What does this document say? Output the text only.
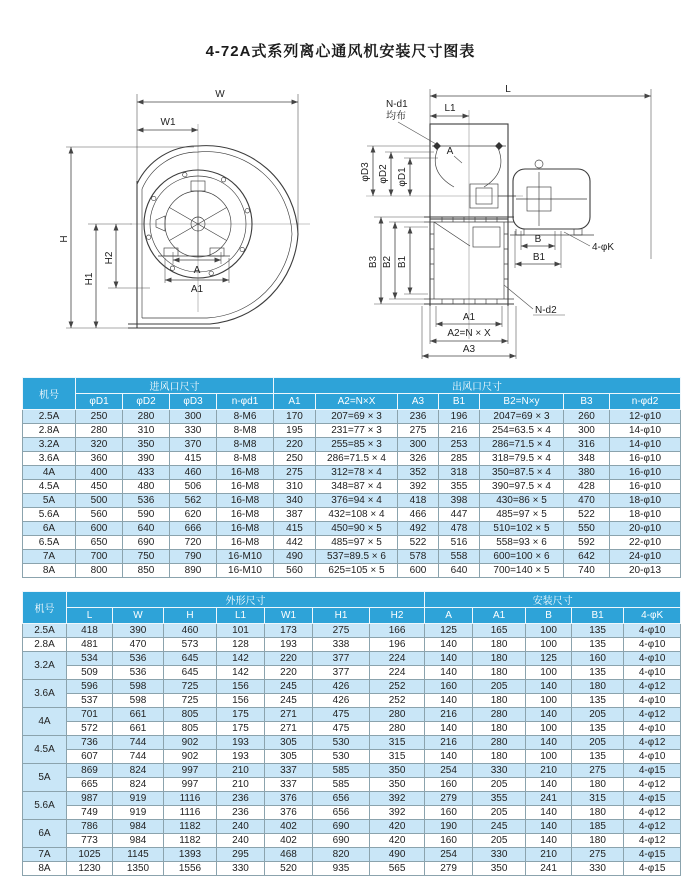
4-72A式系列离心通风机安装尺寸图表
W
W1
H
H1
H2
A
A1
L
L1
N-d1
均布
A
B
B1
4-φK
φD3 φD2 φD1
B3 B2 B1
N-d2
A1
A2=N × X
A3
机号	进风口尺寸				出风口尺寸						
	φD1	φD2	φD3	n-φd1	A1	A2=N×X	A3	B1	B2=N×y	B3	n-φd2
2.5A	250	280	300	8-M6	170	207=69 × 3	236	196	2047=69 × 3	260	12-φ10
2.8A	280	310	330	8-M8	195	231=77 × 3	275	216	254=63.5 × 4	300	14-φ10
3.2A	320	350	370	8-M8	220	255=85 × 3	300	253	286=71.5 × 4	316	14-φ10
3.6A	360	390	415	8-M8	250	286=71.5 × 4	326	285	318=79.5 × 4	348	16-φ10
4A	400	433	460	16-M8	275	312=78 × 4	352	318	350=87.5 × 4	380	16-φ10
4.5A	450	480	506	16-M8	310	348=87 × 4	392	355	390=97.5 × 4	428	16-φ10
5A	500	536	562	16-M8	340	376=94 × 4	418	398	430=86 × 5	470	18-φ10
5.6A	560	590	620	16-M8	387	432=108 × 4	466	447	485=97 × 5	522	18-φ10
6A	600	640	666	16-M8	415	450=90 × 5	492	478	510=102 × 5	550	20-φ10
6.5A	650	690	720	16-M8	442	485=97 × 5	522	516	558=93 × 6	592	22-φ10
7A	700	750	790	16-M10	490	537=89.5 × 6	578	558	600=100 × 6	642	24-φ10
8A	800	850	890	16-M10	560	625=105 × 5	600	640	700=140 × 5	740	20-φ13
机号	外形尺寸							安装尺寸				
	L	W	H	L1	W1	H1	H2	A	A1	B	B1	4-φK
2.5A	418	390	460	101	173	275	166	125	165	100	135	4-φ10
2.8A	481	470	573	128	193	338	196	140	180	100	135	4-φ10
3.2A	534	536	645	142	220	377	224	140	180	125	160	4-φ10
	509	536	645	142	220	377	224	140	180	100	135	4-φ10
3.6A	596	598	725	156	245	426	252	160	205	140	180	4-φ12
	537	598	725	156	245	426	252	140	180	100	135	4-φ10
4A	701	661	805	175	271	475	280	216	280	140	205	4-φ12
	572	661	805	175	271	475	280	140	180	100	135	4-φ10
4.5A	736	744	902	193	305	530	315	216	280	140	205	4-φ12
	607	744	902	193	305	530	315	140	180	100	135	4-φ10
5A	869	824	997	210	337	585	350	254	330	210	275	4-φ15
	665	824	997	210	337	585	350	160	205	140	180	4-φ12
5.6A	987	919	1116	236	376	656	392	279	355	241	315	4-φ15
	749	919	1116	236	376	656	392	160	205	140	180	4-φ12
6A	786	984	1182	240	402	690	420	190	245	140	185	4-φ12
	773	984	1182	240	402	690	420	160	205	140	180	4-φ12
7A	1025	1145	1393	295	468	820	490	254	330	210	275	4-φ15
8A	1230	1350	1556	330	520	935	565	279	350	241	330	4-φ15
